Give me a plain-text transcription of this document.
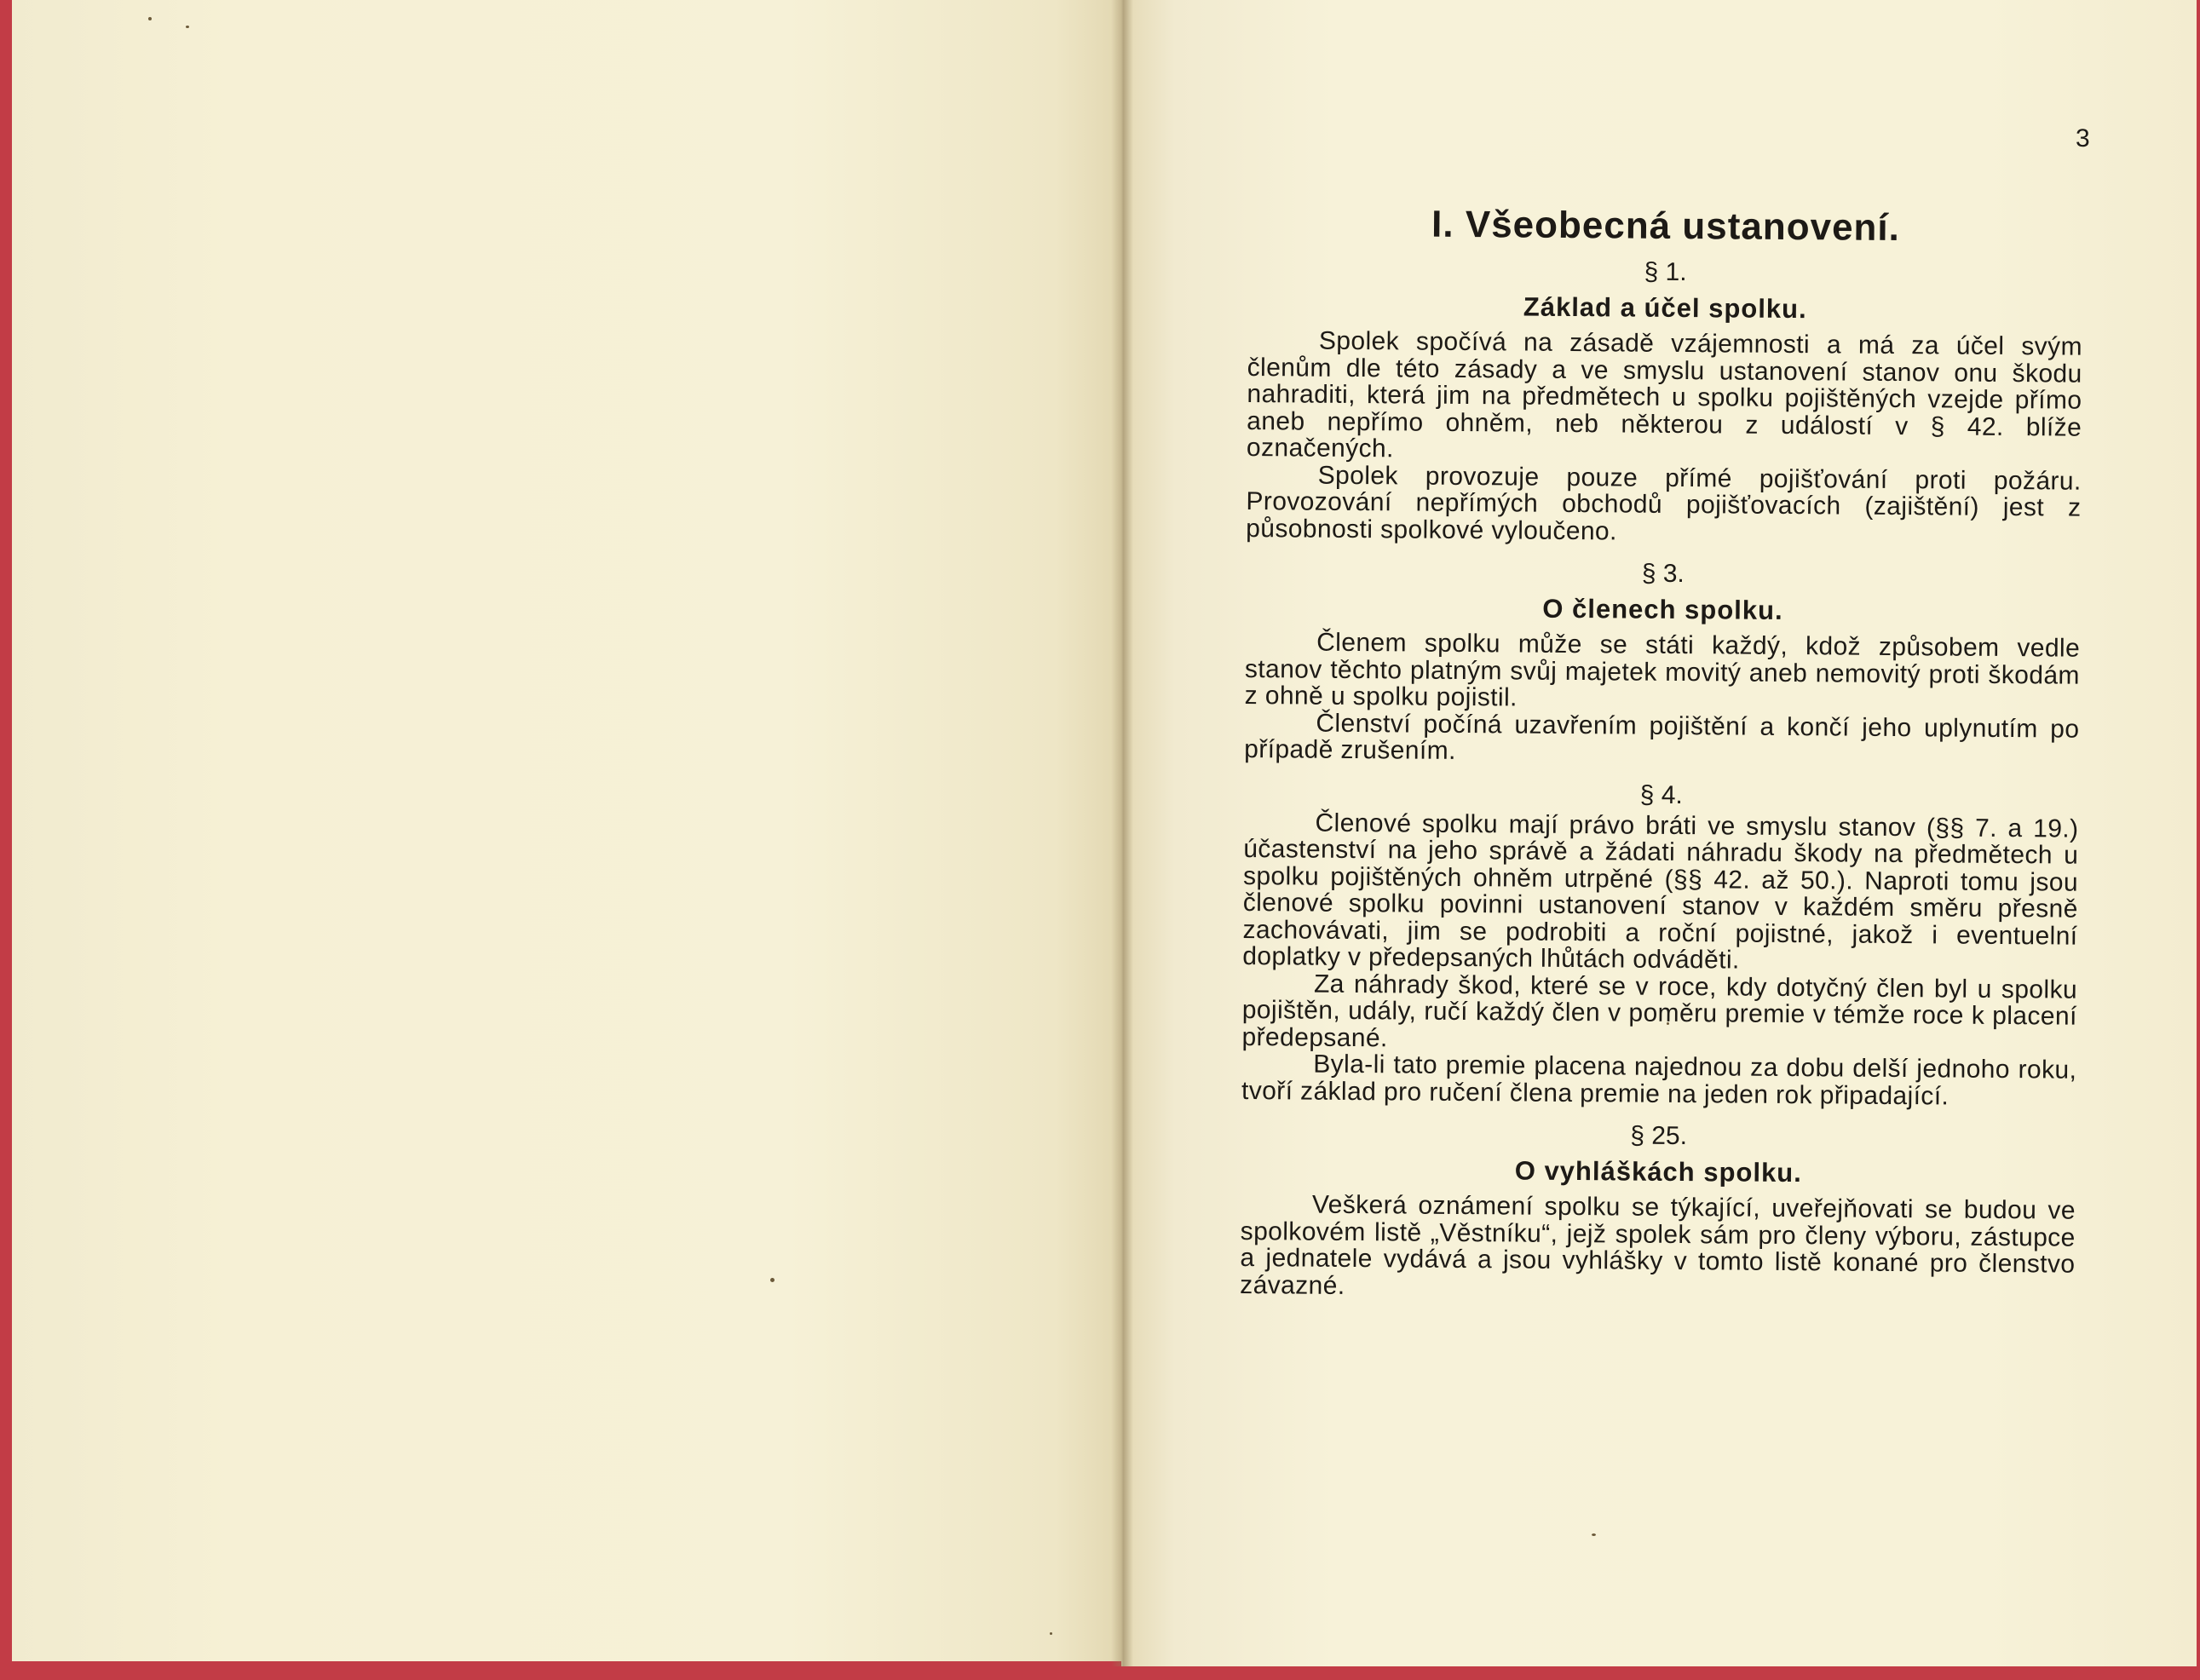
3
I. Všeobecná ustanovení.
§ 1.
Základ a účel spolku.

Spolek spočívá na zásadě vzájemnosti a má za účel svým členům dle této zásady a ve smyslu ustanovení stanov onu škodu nahraditi, která jim na předmětech u spolku pojištěných vzejde přímo aneb nepřímo ohněm, neb některou z událostí v § 42. blíže označených.

Spolek provozuje pouze přímé pojišťování proti požáru. Provozování nepřímých obchodů pojišťovacích (zajištění) jest z působnosti spolkové vyloučeno.

§ 3.
O členech spolku.

Členem spolku může se státi každý, kdož způsobem vedle stanov těchto platným svůj majetek movitý aneb nemovitý proti škodám z ohně u spolku pojistil.

Členství počíná uzavřením pojištění a končí jeho uplynutím po případě zrušením.

§ 4.

Členové spolku mají právo bráti ve smyslu stanov (§§ 7. a 19.) účastenství na jeho správě a žádati náhradu škody na předmětech u spolku pojištěných ohněm utrpěné (§§ 42. až 50.). Naproti tomu jsou členové spolku povinni ustanovení stanov v každém směru přesně zachovávati, jim se podrobiti a roční pojistné, jakož i eventuelní doplatky v předepsaných lhůtách odváděti.

Za náhrady škod, které se v roce, kdy dotyčný člen byl u spolku pojištěn, udály, ručí každý člen v poměru premie v témže roce k placení předepsané.

Byla-li tato premie placena najednou za dobu delší jednoho roku, tvoří základ pro ručení člena premie na jeden rok připadající.

§ 25.
O vyhláškách spolku.

Veškerá oznámení spolku se týkající, uveřejňovati se budou ve spolkovém listě „Věstníku“, jejž spolek sám pro členy výboru, zástupce a jednatele vydává a jsou vyhlášky v tomto listě konané pro členstvo závazné.
